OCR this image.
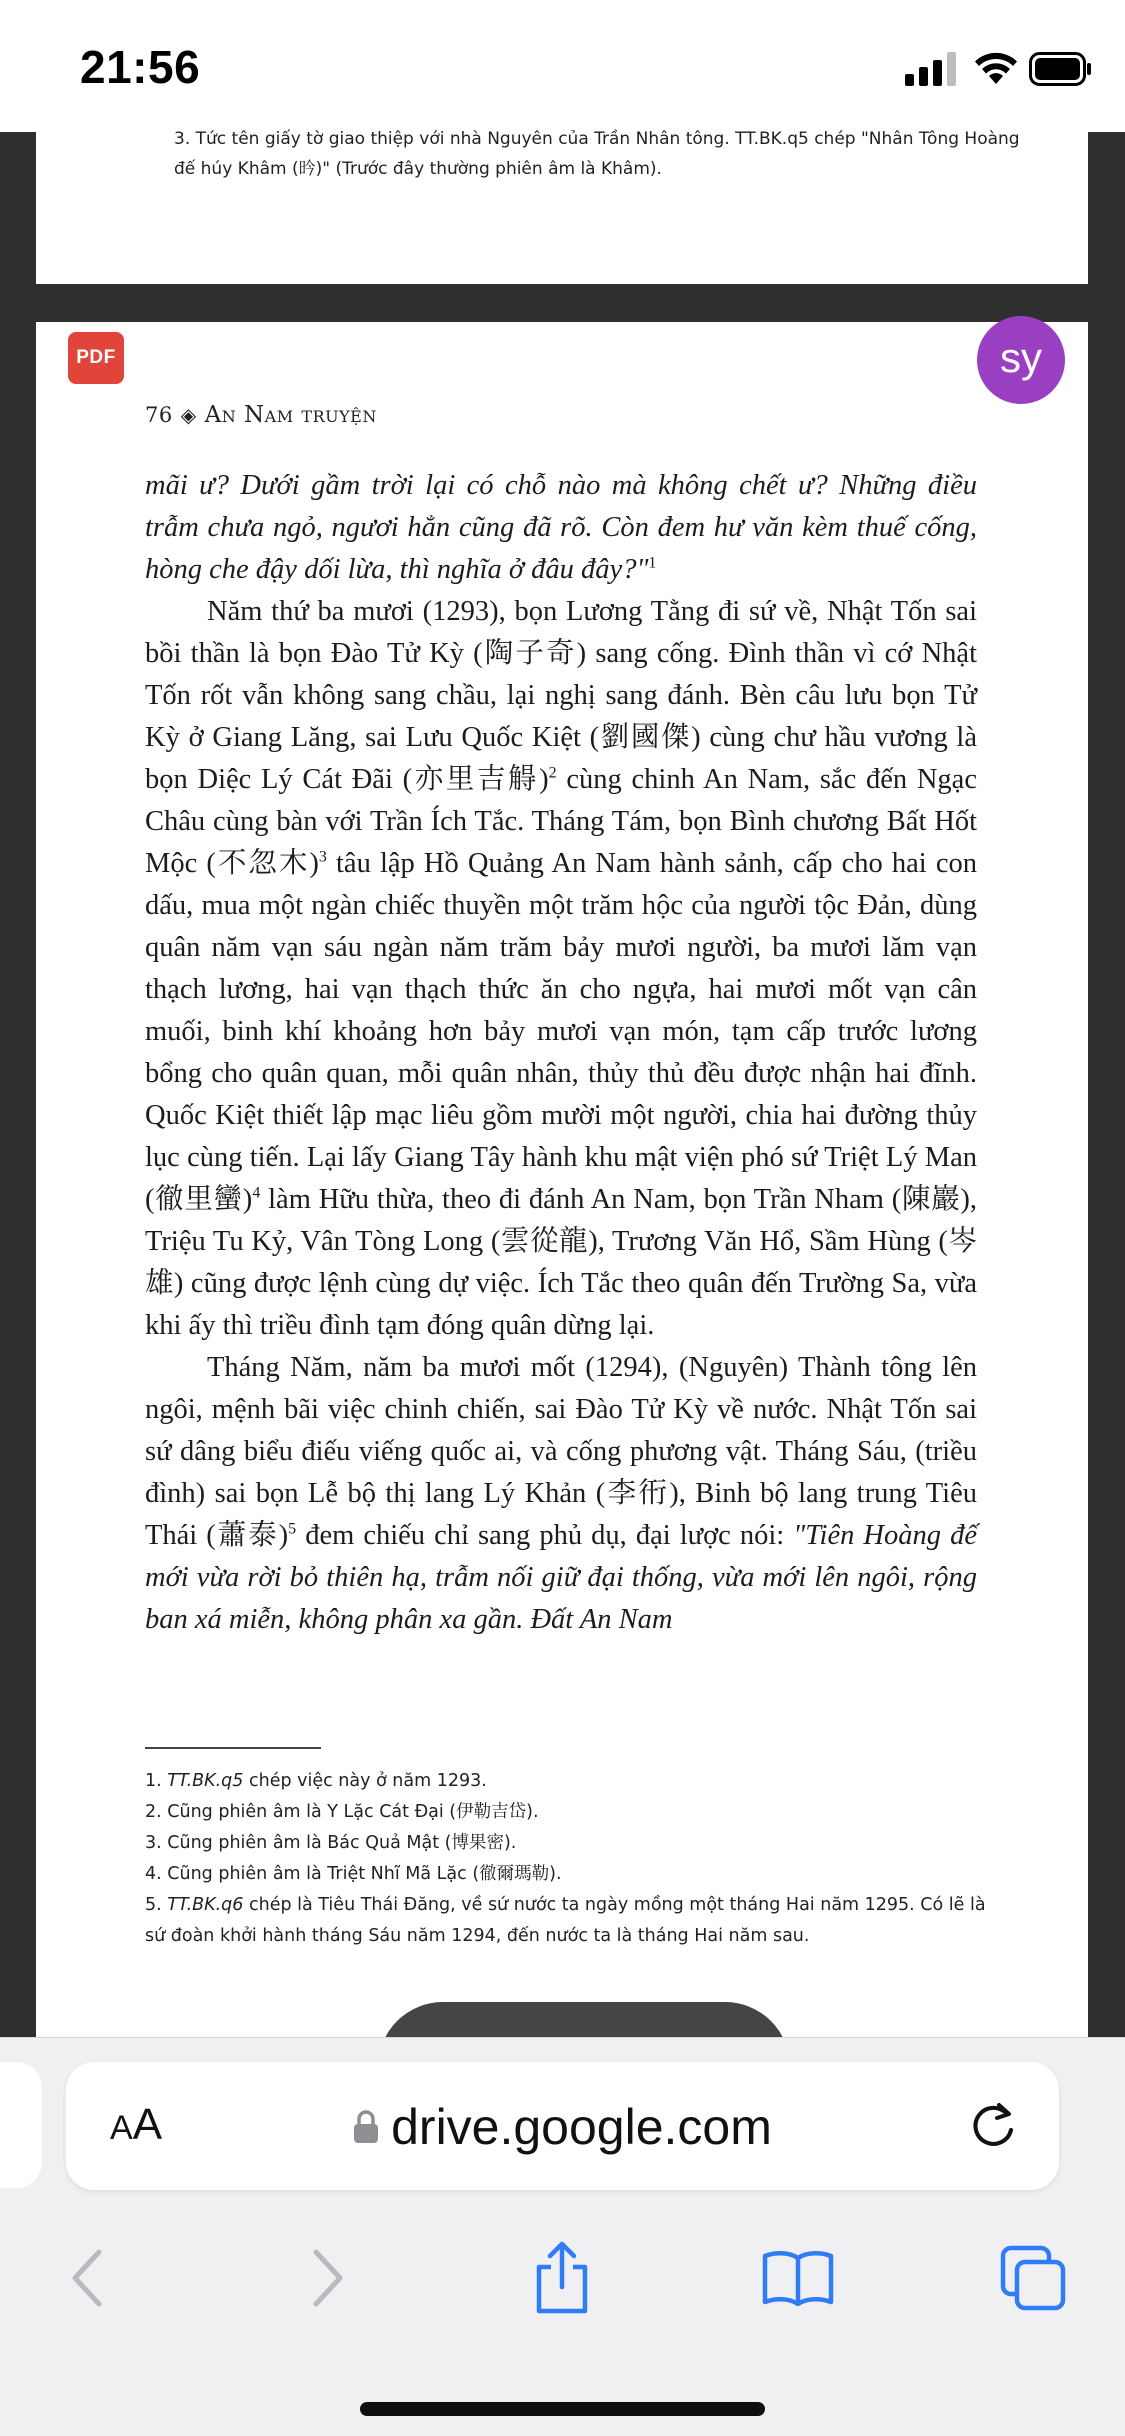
21:56
3. Tức tên giấy tờ giao thiệp với nhà Nguyên của Trần Nhân tông. TT.BK.q5 chép "Nhân Tông Hoàng đế húy Khâm (昑)" (Trước đây thường phiên âm là Khâm).
76 ◈ An Nam truyện

mãi ư? Dưới gầm trời lại có chỗ nào mà không chết ư? Những điều trẫm chưa ngỏ, ngươi hẳn cũng đã rõ. Còn đem hư văn kèm thuế cống, hòng che đậy dối lừa, thì nghĩa ở đâu đây?"$^1$

Năm thứ ba mươi (1293), bọn Lương Tằng đi sứ về, Nhật Tốn sai bồi thần là bọn Đào Tử Kỳ (陶子奇) sang cống. Đình thần vì cớ Nhật Tốn rốt vẫn không sang chầu, lại nghị sang đánh. Bèn câu lưu bọn Tử Kỳ ở Giang Lăng, sai Lưu Quốc Kiệt (劉國傑) cùng chư hầu vương là bọn Diệc Lý Cát Đãi (亦里吉䚟)$^2$ cùng chinh An Nam, sắc đến Ngạc Châu cùng bàn với Trần Ích Tắc. Tháng Tám, bọn Bình chương Bất Hốt Mộc (不忽木)$^3$ tâu lập Hồ Quảng An Nam hành sảnh, cấp cho hai con dấu, mua một ngàn chiếc thuyền một trăm hộc của người tộc Đản, dùng quân năm vạn sáu ngàn năm trăm bảy mươi người, ba mươi lăm vạn thạch lương, hai vạn thạch thức ăn cho ngựa, hai mươi mốt vạn cân muối, binh khí khoảng hơn bảy mươi vạn món, tạm cấp trước lương bổng cho quân quan, mỗi quân nhân, thủy thủ đều được nhận hai đĩnh. Quốc Kiệt thiết lập mạc liêu gồm mười một người, chia hai đường thủy lục cùng tiến. Lại lấy Giang Tây hành khu mật viện phó sứ Triệt Lý Man (徹里蠻)$^4$ làm Hữu thừa, theo đi đánh An Nam, bọn Trần Nham (陳巖), Triệu Tu Kỷ, Vân Tòng Long (雲從龍), Trương Văn Hổ, Sầm Hùng (岑雄) cũng được lệnh cùng dự việc. Ích Tắc theo quân đến Trường Sa, vừa khi ấy thì triều đình tạm đóng quân dừng lại.

Tháng Năm, năm ba mươi mốt (1294), (Nguyên) Thành tông lên ngôi, mệnh bãi việc chinh chiến, sai Đào Tử Kỳ về nước. Nhật Tốn sai sứ dâng biểu điếu viếng quốc ai, và cống phương vật. Tháng Sáu, (triều đình) sai bọn Lễ bộ thị lang Lý Khản (李衎), Binh bộ lang trung Tiêu Thái (蕭泰)$^5$ đem chiếu chỉ sang phủ dụ, đại lược nói: "Tiên Hoàng đế mới vừa rời bỏ thiên hạ, trẫm nối giữ đại thống, vừa mới lên ngôi, rộng ban xá miễn, không phân xa gần. Đất An Nam

1. TT.BK.q5 chép việc này ở năm 1293.
2. Cũng phiên âm là Y Lặc Cát Đại (伊勒吉岱).
3. Cũng phiên âm là Bác Quả Mật (博果密).
4. Cũng phiên âm là Triệt Nhĩ Mã Lặc (徹爾瑪勒).
5. TT.BK.q6 chép là Tiêu Thái Đăng, về sứ nước ta ngày mồng một tháng Hai năm 1295. Có lẽ là sứ đoàn khởi hành tháng Sáu năm 1294, đến nước ta là tháng Hai năm sau.
PDF	sy
AA	drive.google.com
